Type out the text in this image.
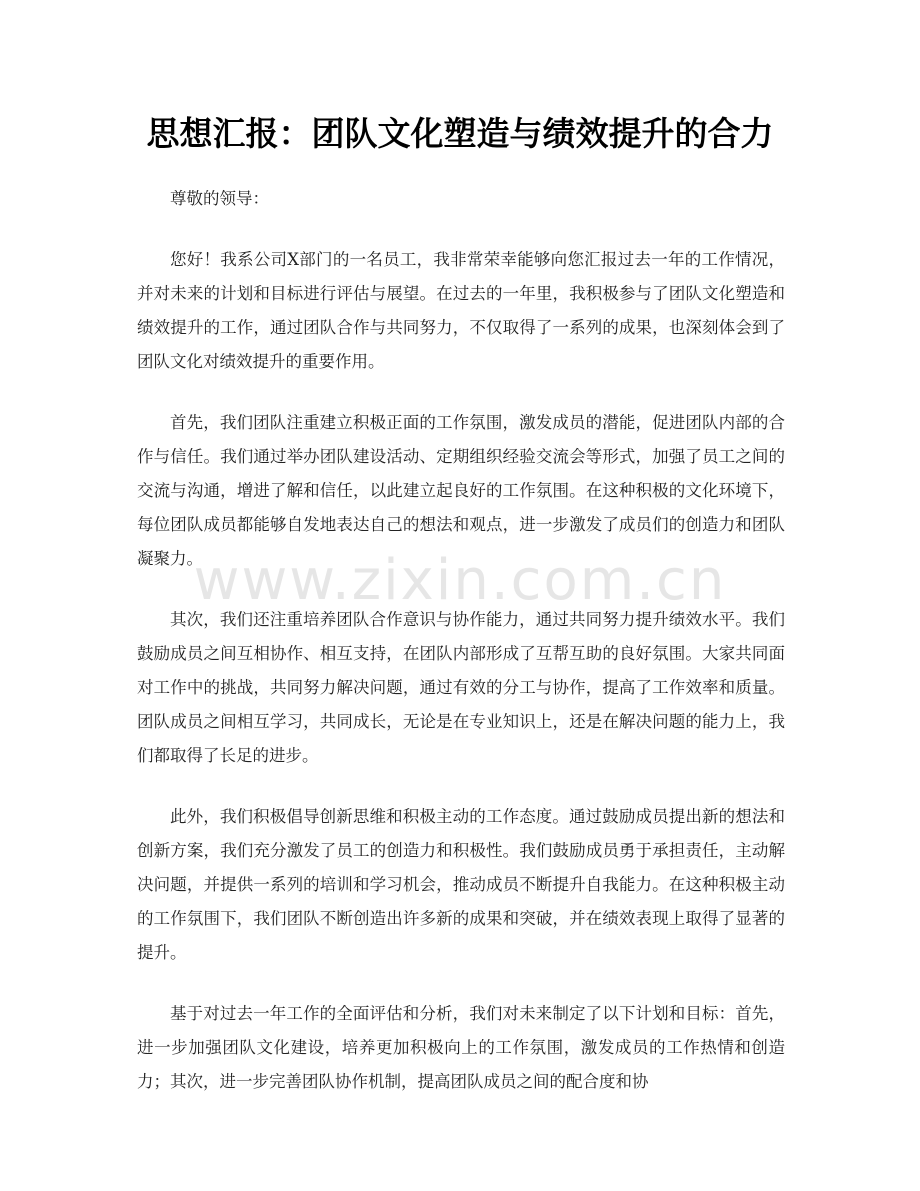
www.zixin.com.cn
思想汇报：团队文化塑造与绩效提升的合力

尊敬的领导：

您好！我系公司X部门的一名员工，我非常荣幸能够向您汇报过去一年的工作情况，并对未来的计划和目标进行评估与展望。在过去的一年里，我积极参与了团队文化塑造和绩效提升的工作，通过团队合作与共同努力，不仅取得了一系列的成果，也深刻体会到了团队文化对绩效提升的重要作用。

首先，我们团队注重建立积极正面的工作氛围，激发成员的潜能，促进团队内部的合作与信任。我们通过举办团队建设活动、定期组织经验交流会等形式，加强了员工之间的交流与沟通，增进了解和信任，以此建立起良好的工作氛围。在这种积极的文化环境下，每位团队成员都能够自发地表达自己的想法和观点，进一步激发了成员们的创造力和团队凝聚力。

其次，我们还注重培养团队合作意识与协作能力，通过共同努力提升绩效水平。我们鼓励成员之间互相协作、相互支持，在团队内部形成了互帮互助的良好氛围。大家共同面对工作中的挑战，共同努力解决问题，通过有效的分工与协作，提高了工作效率和质量。团队成员之间相互学习，共同成长，无论是在专业知识上，还是在解决问题的能力上，我们都取得了长足的进步。

此外，我们积极倡导创新思维和积极主动的工作态度。通过鼓励成员提出新的想法和创新方案，我们充分激发了员工的创造力和积极性。我们鼓励成员勇于承担责任，主动解决问题，并提供一系列的培训和学习机会，推动成员不断提升自我能力。在这种积极主动的工作氛围下，我们团队不断创造出许多新的成果和突破，并在绩效表现上取得了显著的提升。

基于对过去一年工作的全面评估和分析，我们对未来制定了以下计划和目标：首先，进一步加强团队文化建设，培养更加积极向上的工作氛围，激发成员的工作热情和创造力；其次，进一步完善团队协作机制，提高团队成员之间的配合度和协
